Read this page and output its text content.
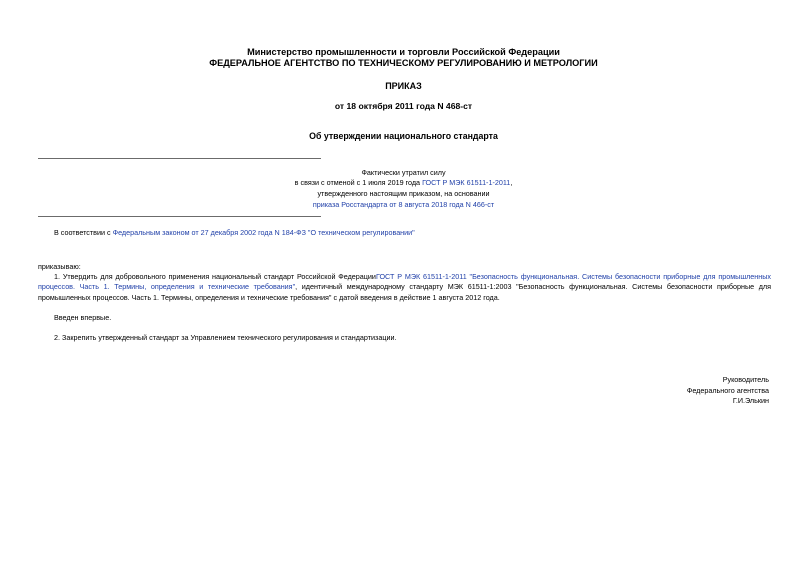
Министерство промышленности и торговли Российской Федерации
ФЕДЕРАЛЬНОЕ АГЕНТСТВО ПО ТЕХНИЧЕСКОМУ РЕГУЛИРОВАНИЮ И МЕТРОЛОГИИ
ПРИКАЗ
от 18 октября 2011 года N 468-ст
Об утверждении национального стандарта
Фактически утратил силу
в связи с отменой с 1 июля 2019 года ГОСТ Р МЭК 61511-1-2011,
утвержденного настоящим приказом, на основании
приказа Росстандарта от 8 августа 2018 года N 466-ст
В соответствии с Федеральным законом от 27 декабря 2002 года N 184-ФЗ "О техническом регулировании"
приказываю:
1. Утвердить для добровольного применения национальный стандарт Российской ФедерацииГОСТ Р МЭК 61511-1-2011 "Безопасность функциональная. Системы безопасности приборные для промышленных процессов. Часть 1. Термины, определения и технические требования", идентичный международному стандарту МЭК 61511-1:2003 "Безопасность функциональная. Системы безопасности приборные для промышленных процессов. Часть 1. Термины, определения и технические требования" с датой введения в действие 1 августа 2012 года.
Введен впервые.
2. Закрепить утвержденный стандарт за Управлением технического регулирования и стандартизации.
Руководитель
Федерального агентства
Г.И.Элькин
